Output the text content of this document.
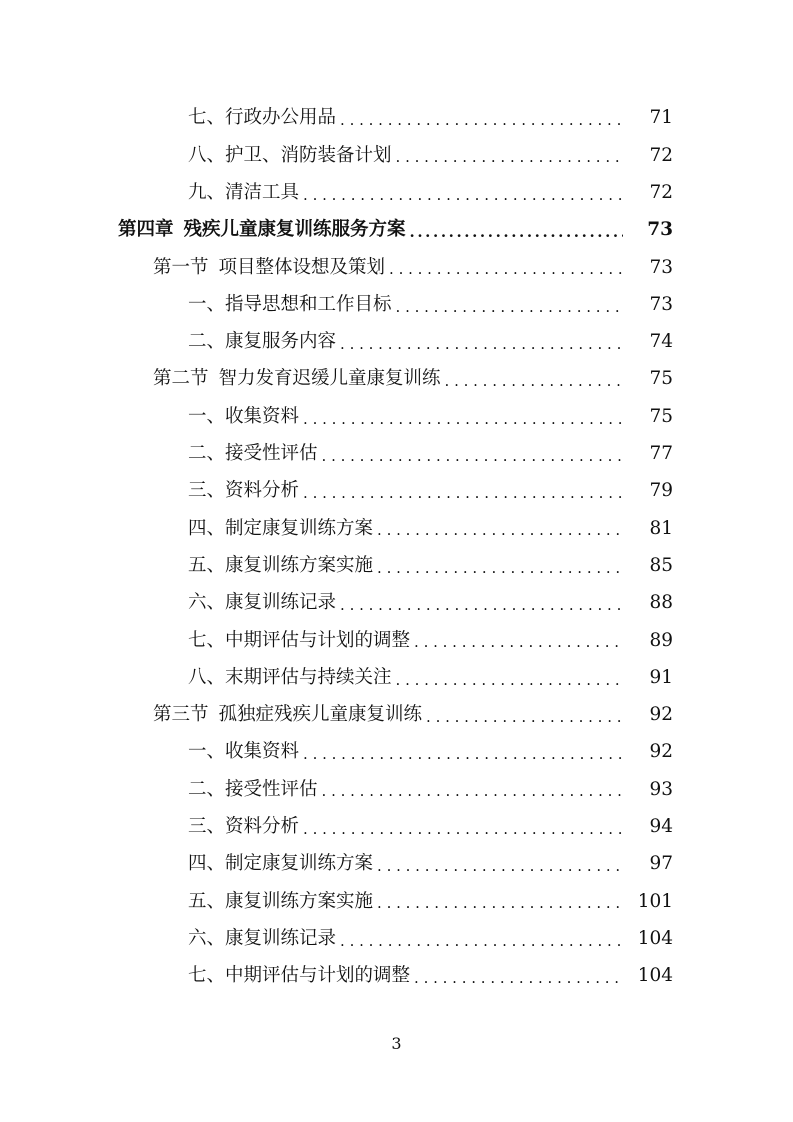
七、 行政办公用品 . . .	71
八、 护卫、消防装备计划 . . .	72
九、 清洁工具 . . .	72
第四章 残疾儿童康复训练服务方案 .....	73
第一节 项目整体设想及策划 . . .	73
一、 指导思想和工作目标 . . .	73
二、 康复服务内容 . . .	74
第二节 智力发育迟缓儿童康复训练 . . .	75
一、 收集资料 . . .	75
二、 接受性评估 . . .	77
三、 资料分析 . . .	79
四、 制定康复训练方案 . . .	81
五、 康复训练方案实施 . . .	85
六、 康复训练记录 . . .	88
七、 中期评估与计划的调整 . . .	89
八、 末期评估与持续关注 . . .	91
第三节 孤独症残疾儿童康复训练 . . .	92
一、 收集资料 . . .	92
二、 接受性评估 . . .	93
三、 资料分析 . . .	94
四、 制定康复训练方案 . . .	97
五、 康复训练方案实施 . . .	101
六、 康复训练记录 . . .	104
七、 中期评估与计划的调整 . . .	104
3
